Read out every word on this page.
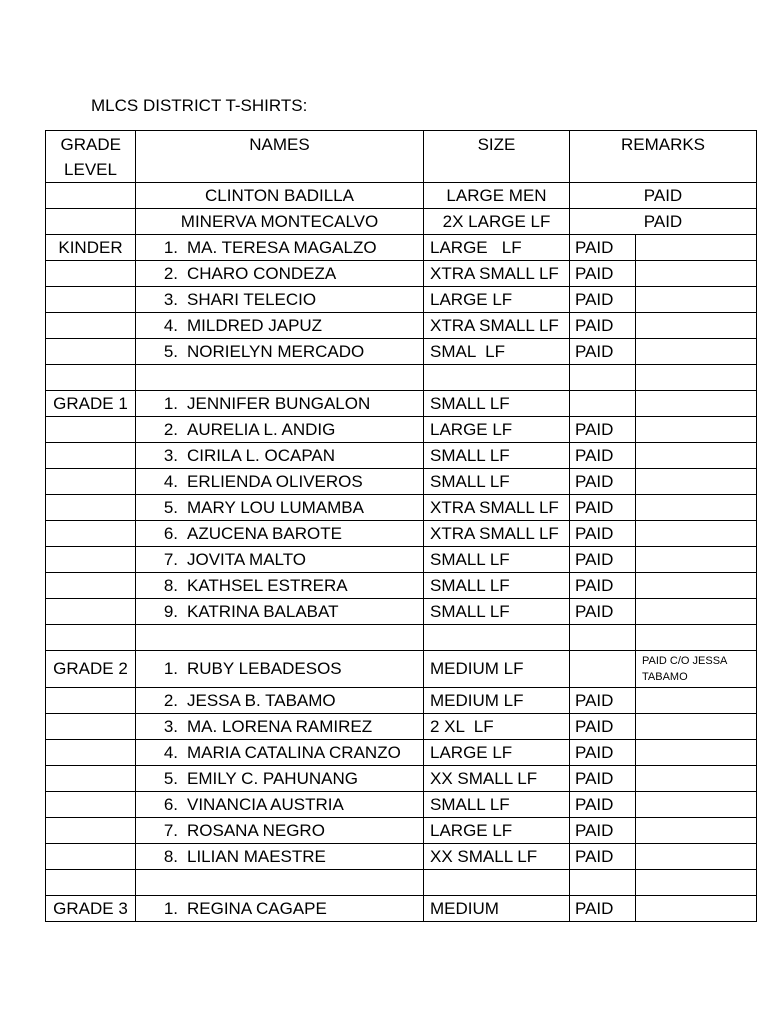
MLCS DISTRICT T-SHIRTS:
GRADE LEVEL	NAMES	SIZE	REMARKS	
	CLINTON BADILLA	LARGE MEN	PAID	
	MINERVA MONTECALVO	2X LARGE LF	PAID	
KINDER	1. MA. TERESA MAGALZO	LARGE   LF	PAID	
	2. CHARO CONDEZA	XTRA SMALL LF	PAID	
	3. SHARI TELECIO	LARGE LF	PAID	
	4. MILDRED JAPUZ	XTRA SMALL LF	PAID	
	5. NORIELYN MERCADO	SMAL  LF	PAID	

GRADE 1	1. JENNIFER BUNGALON	SMALL LF		
	2. AURELIA L. ANDIG	LARGE LF	PAID	
	3. CIRILA L. OCAPAN	SMALL LF	PAID	
	4. ERLIENDA OLIVEROS	SMALL LF	PAID	
	5. MARY LOU LUMAMBA	XTRA SMALL LF	PAID	
	6. AZUCENA BAROTE	XTRA SMALL LF	PAID	
	7. JOVITA MALTO	SMALL LF	PAID	
	8. KATHSEL ESTRERA	SMALL LF	PAID	
	9. KATRINA BALABAT	SMALL LF	PAID	

GRADE 2	1. RUBY LEBADESOS	MEDIUM LF		PAID C/O JESSA TABAMO
	2. JESSA B. TABAMO	MEDIUM LF	PAID	
	3. MA. LORENA RAMIREZ	2 XL  LF	PAID	
	4. MARIA CATALINA CRANZO	LARGE LF	PAID	
	5. EMILY C. PAHUNANG	XX SMALL LF	PAID	
	6. VINANCIA AUSTRIA	SMALL LF	PAID	
	7. ROSANA NEGRO	LARGE LF	PAID	
	8. LILIAN MAESTRE	XX SMALL LF	PAID	

GRADE 3	1. REGINA CAGAPE	MEDIUM	PAID	
